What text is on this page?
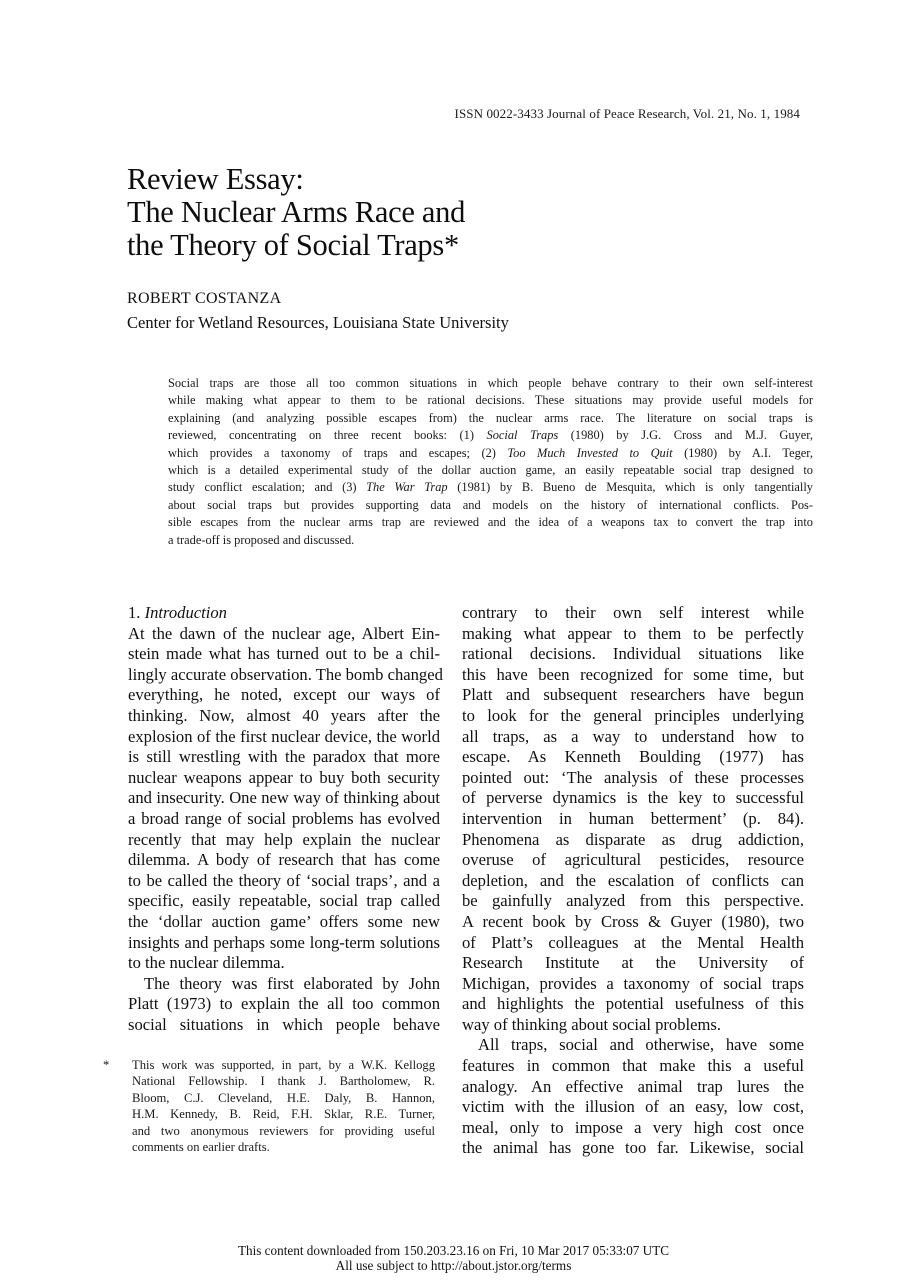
ISSN 0022-3433 Journal of Peace Research, Vol. 21, No. 1, 1984
Review Essay:
The Nuclear Arms Race and
the Theory of Social Traps*
ROBERT COSTANZA
Center for Wetland Resources, Louisiana State University
Social traps are those all too common situations in which people behave contrary to their own self-interest
while making what appear to them to be rational decisions. These situations may provide useful models for
explaining (and analyzing possible escapes from) the nuclear arms race. The literature on social traps is
reviewed, concentrating on three recent books: (1) Social Traps (1980) by J.G. Cross and M.J. Guyer,
which provides a taxonomy of traps and escapes; (2) Too Much Invested to Quit (1980) by A.I. Teger,
which is a detailed experimental study of the dollar auction game, an easily repeatable social trap designed to
study conflict escalation; and (3) The War Trap (1981) by B. Bueno de Mesquita, which is only tangentially
about social traps but provides supporting data and models on the history of international conflicts. Pos-
sible escapes from the nuclear arms trap are reviewed and the idea of a weapons tax to convert the trap into
a trade-off is proposed and discussed.
1. Introduction
At the dawn of the nuclear age, Albert Ein-
stein made what has turned out to be a chil-
lingly accurate observation. The bomb changed
everything, he noted, except our ways of
thinking. Now, almost 40 years after the
explosion of the first nuclear device, the world
is still wrestling with the paradox that more
nuclear weapons appear to buy both security
and insecurity. One new way of thinking about
a broad range of social problems has evolved
recently that may help explain the nuclear
dilemma. A body of research that has come
to be called the theory of ‘social traps’, and a
specific, easily repeatable, social trap called
the ‘dollar auction game’ offers some new
insights and perhaps some long-term solutions
to the nuclear dilemma.
The theory was first elaborated by John
Platt (1973) to explain the all too common
social situations in which people behave
contrary to their own self interest while
making what appear to them to be perfectly
rational decisions. Individual situations like
this have been recognized for some time, but
Platt and subsequent researchers have begun
to look for the general principles underlying
all traps, as a way to understand how to
escape. As Kenneth Boulding (1977) has
pointed out: ‘The analysis of these processes
of perverse dynamics is the key to successful
intervention in human betterment’ (p. 84).
Phenomena as disparate as drug addiction,
overuse of agricultural pesticides, resource
depletion, and the escalation of conflicts can
be gainfully analyzed from this perspective.
A recent book by Cross & Guyer (1980), two
of Platt’s colleagues at the Mental Health
Research Institute at the University of
Michigan, provides a taxonomy of social traps
and highlights the potential usefulness of this
way of thinking about social problems.
All traps, social and otherwise, have some
features in common that make this a useful
analogy. An effective animal trap lures the
victim with the illusion of an easy, low cost,
meal, only to impose a very high cost once
the animal has gone too far. Likewise, social
* This work was supported, in part, by a W.K. Kellogg
National Fellowship. I thank J. Bartholomew, R.
Bloom, C.J. Cleveland, H.E. Daly, B. Hannon,
H.M. Kennedy, B. Reid, F.H. Sklar, R.E. Turner,
and two anonymous reviewers for providing useful
comments on earlier drafts.
This content downloaded from 150.203.23.16 on Fri, 10 Mar 2017 05:33:07 UTC
All use subject to http://about.jstor.org/terms
